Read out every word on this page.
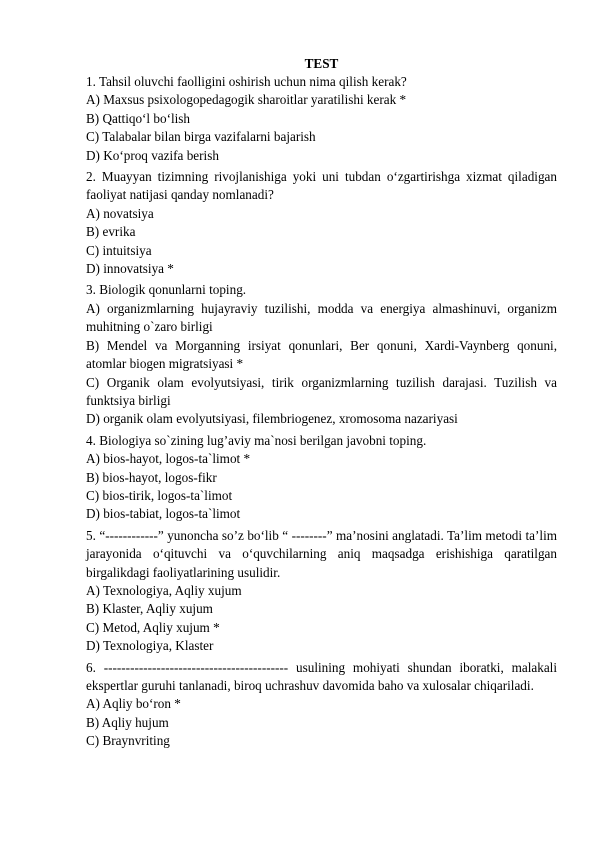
TEST

1. Tahsil oluvchi faolligini oshirish uchun nima qilish kerak?

A) Maxsus psixologopedagogik sharoitlar yaratilishi kerak *

B) Qattiqo‘l bo‘lish

C) Talabalar bilan birga vazifalarni bajarish

D) Ko‘proq vazifa berish

2. Muayyan tizimning rivojlanishiga yoki uni tubdan o‘zgartirishga xizmat qiladigan faoliyat natijasi qanday nomlanadi?

A) novatsiya

B) evrika

C) intuitsiya

D) innovatsiya *

3. Biologik qonunlarni toping.

A) organizmlarning hujayraviy tuzilishi, modda va energiya almashinuvi, organizm muhitning o`zaro birligi

B) Mendel va Morganning irsiyat qonunlari, Ber qonuni, Xardi-Vaynberg qonuni, atomlar biogen migratsiyasi *

C) Organik olam evolyutsiyasi, tirik organizmlarning tuzilish darajasi. Tuzilish va funktsiya birligi

D) organik olam evolyutsiyasi, filembriogenez, xromosoma nazariyasi

4. Biologiya so`zining lug’aviy ma`nosi berilgan javobni toping.

A) bios-hayot, logos-ta`limot *

B) bios-hayot, logos-fikr

C) bios-tirik, logos-ta`limot

D) bios-tabiat, logos-ta`limot

5. “------------” yunoncha so’z bo‘lib “ --------” ma’nosini anglatadi. Ta’lim metodi ta’lim jarayonida o‘qituvchi va o‘quvchilarning aniq maqsadga erishishiga qaratilgan birgalikdagi faoliyatlarining usulidir.

A) Texnologiya, Aqliy xujum

B) Klaster, Aqliy xujum

C) Metod, Aqliy xujum *

D) Texnologiya, Klaster

6. ------------------------------------------ usulining mohiyati shundan iboratki, malakali ekspertlar guruhi tanlanadi, biroq uchrashuv davomida baho va xulosalar chiqariladi.

A) Aqliy bo‘ron *

B) Aqliy hujum

C) Braynvriting
